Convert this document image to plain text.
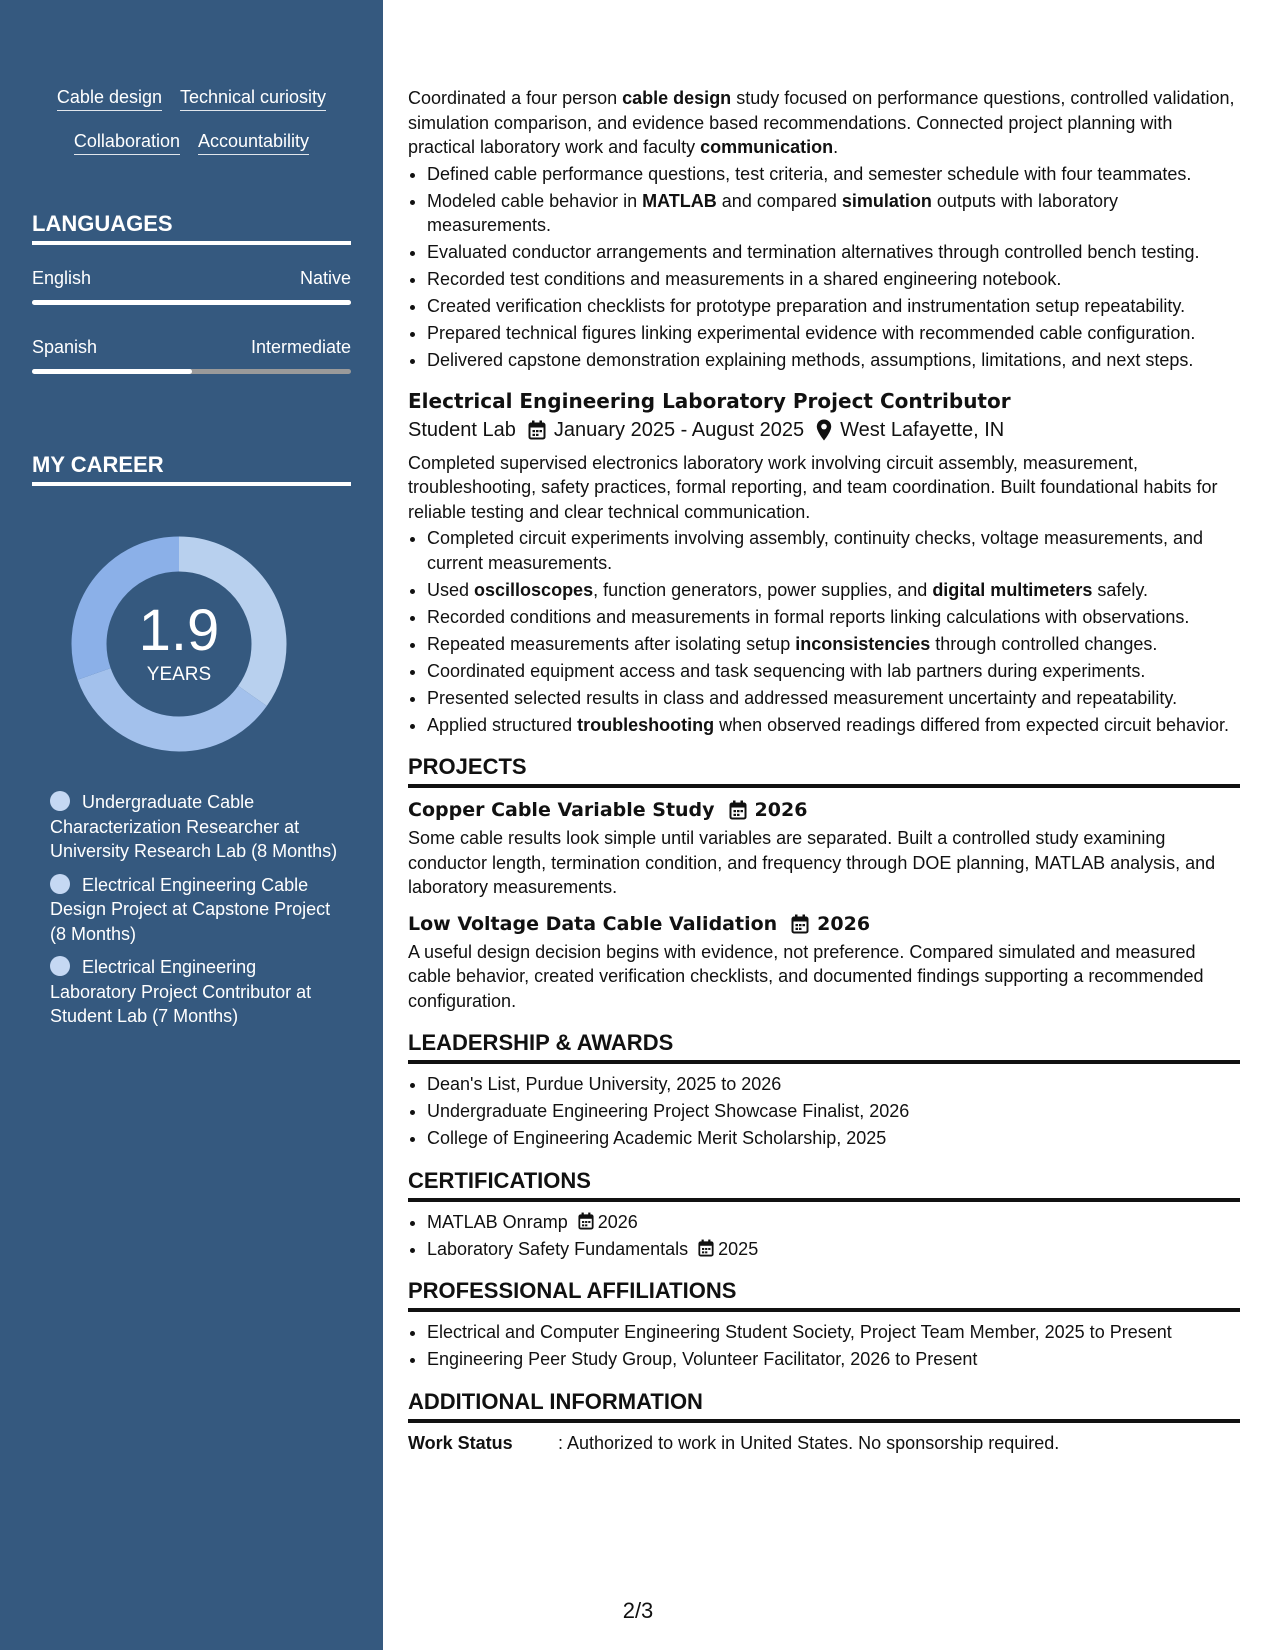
Cable design Technical curiosity
Collaboration Accountability
LANGUAGES
English	Native
Spanish	Intermediate
MY CAREER
1.9
YEARS
Undergraduate Cable Characterization Researcher at University Research Lab (8 Months)
Electrical Engineering Cable Design Project at Capstone Project (8 Months)
Electrical Engineering Laboratory Project Contributor at Student Lab (7 Months)

Coordinated a four person cable design study focused on performance questions, controlled validation, simulation comparison, and evidence based recommendations. Connected project planning with practical laboratory work and faculty communication.

• Defined cable performance questions, test criteria, and semester schedule with four teammates.
• Modeled cable behavior in MATLAB and compared simulation outputs with laboratory measurements.
• Evaluated conductor arrangements and termination alternatives through controlled bench testing.
• Recorded test conditions and measurements in a shared engineering notebook.
• Created verification checklists for prototype preparation and instrumentation setup repeatability.
• Prepared technical figures linking experimental evidence with recommended cable configuration.
• Delivered capstone demonstration explaining methods, assumptions, limitations, and next steps.
Electrical Engineering Laboratory Project Contributor
Student Lab January 2025 - August 2025 West Lafayette, IN

Completed supervised electronics laboratory work involving circuit assembly, measurement, troubleshooting, safety practices, formal reporting, and team coordination. Built foundational habits for reliable testing and clear technical communication.

• Completed circuit experiments involving assembly, continuity checks, voltage measurements, and current measurements.
• Used oscilloscopes, function generators, power supplies, and digital multimeters safely.
• Recorded conditions and measurements in formal reports linking calculations with observations.
• Repeated measurements after isolating setup inconsistencies through controlled changes.
• Coordinated equipment access and task sequencing with lab partners during experiments.
• Presented selected results in class and addressed measurement uncertainty and repeatability.
• Applied structured troubleshooting when observed readings differed from expected circuit behavior.
PROJECTS
Copper Cable Variable Study 2026

Some cable results look simple until variables are separated. Built a controlled study examining conductor length, termination condition, and frequency through DOE planning, MATLAB analysis, and laboratory measurements.

Low Voltage Data Cable Validation 2026

A useful design decision begins with evidence, not preference. Compared simulated and measured cable behavior, created verification checklists, and documented findings supporting a recommended configuration.

LEADERSHIP & AWARDS
• Dean's List, Purdue University, 2025 to 2026
• Undergraduate Engineering Project Showcase Finalist, 2026
• College of Engineering Academic Merit Scholarship, 2025
CERTIFICATIONS
• MATLAB Onramp 2026
• Laboratory Safety Fundamentals 2025
PROFESSIONAL AFFILIATIONS
• Electrical and Computer Engineering Student Society, Project Team Member, 2025 to Present
• Engineering Peer Study Group, Volunteer Facilitator, 2026 to Present
ADDITIONAL INFORMATION
Work Status	: Authorized to work in United States. No sponsorship required.
2/3
